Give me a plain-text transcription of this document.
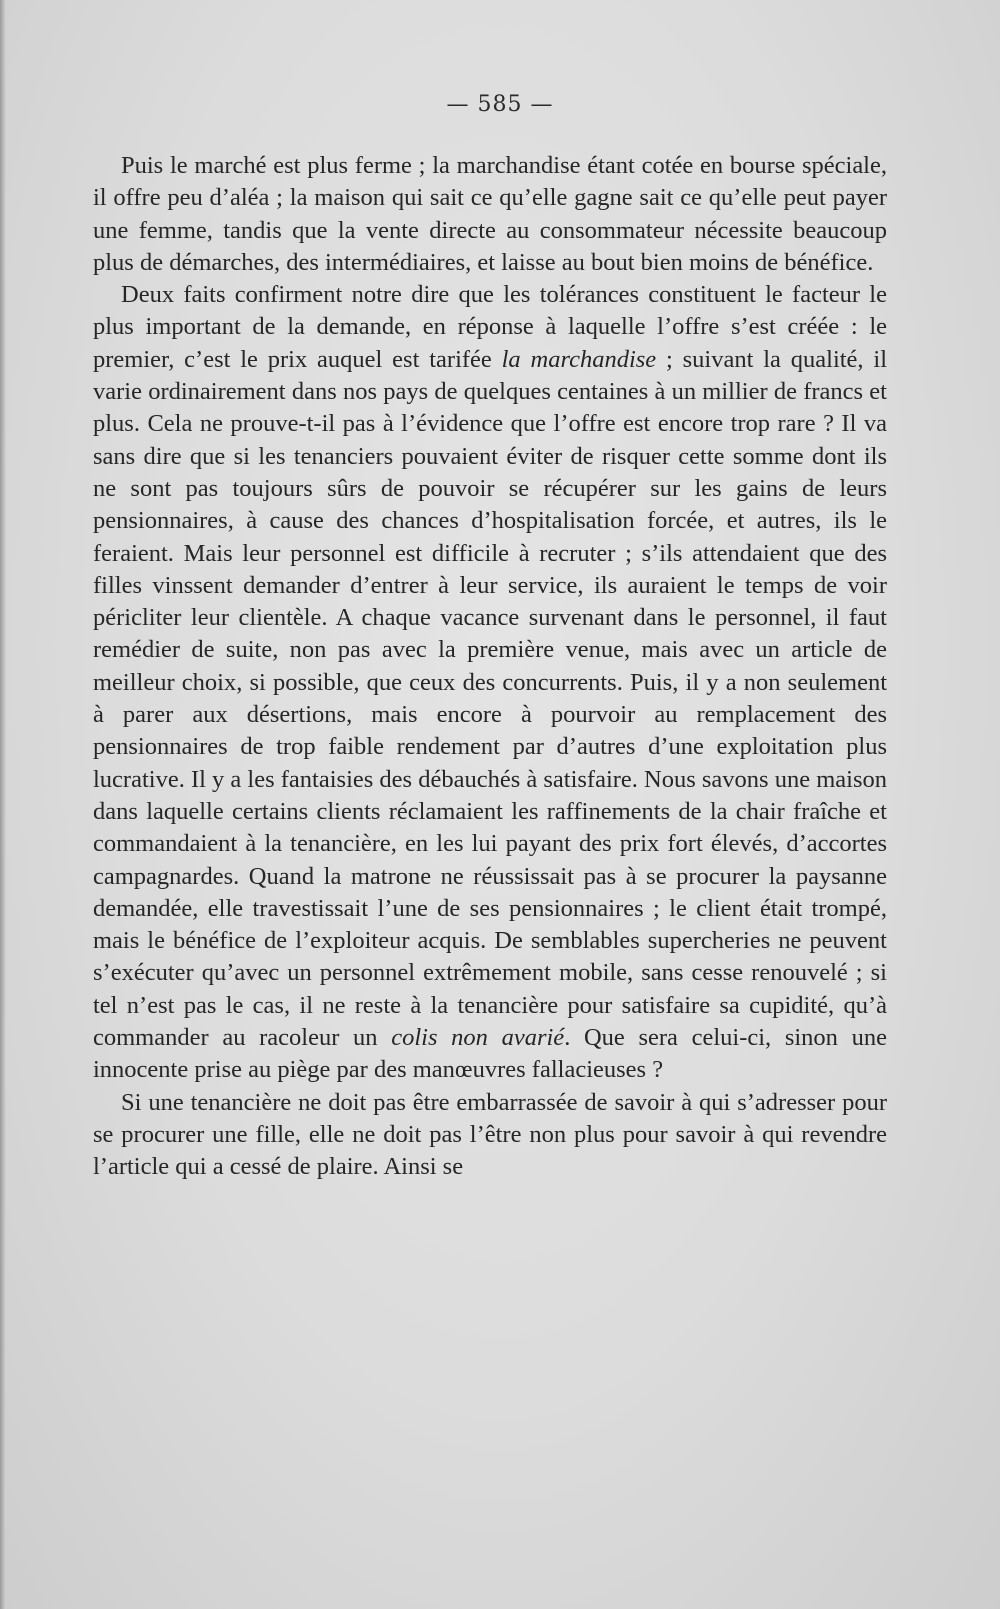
— 585 —

Puis le marché est plus ferme ; la marchandise étant cotée en bourse spéciale, il offre peu d’aléa ; la maison qui sait ce qu’elle gagne sait ce qu’elle peut payer une femme, tandis que la vente directe au consommateur nécessite beaucoup plus de démarches, des intermédiaires, et laisse au bout bien moins de bénéfice.

Deux faits confirment notre dire que les tolérances constituent le facteur le plus important de la demande, en réponse à laquelle l’offre s’est créée : le premier, c’est le prix auquel est tarifée la marchandise ; suivant la qualité, il varie ordinairement dans nos pays de quelques centaines à un millier de francs et plus. Cela ne prouve-t-il pas à l’évidence que l’offre est encore trop rare ? Il va sans dire que si les tenanciers pouvaient éviter de risquer cette somme dont ils ne sont pas toujours sûrs de pouvoir se récupérer sur les gains de leurs pensionnaires, à cause des chances d’hospitalisation forcée, et autres, ils le feraient. Mais leur personnel est difficile à recruter ; s’ils attendaient que des filles vinssent demander d’entrer à leur service, ils auraient le temps de voir péricliter leur clientèle. A chaque vacance survenant dans le personnel, il faut remédier de suite, non pas avec la première venue, mais avec un article de meilleur choix, si possible, que ceux des concurrents. Puis, il y a non seulement à parer aux désertions, mais encore à pourvoir au remplacement des pensionnaires de trop faible rendement par d’autres d’une exploitation plus lucrative. Il y a les fantaisies des débauchés à satisfaire. Nous savons une maison dans laquelle certains clients réclamaient les raffinements de la chair fraîche et commandaient à la tenancière, en les lui payant des prix fort élevés, d’accortes campagnardes. Quand la matrone ne réussissait pas à se procurer la paysanne demandée, elle travestissait l’une de ses pensionnaires ; le client était trompé, mais le bénéfice de l’exploiteur acquis. De semblables supercheries ne peuvent s’exécuter qu’avec un personnel extrêmement mobile, sans cesse renouvelé ; si tel n’est pas le cas, il ne reste à la tenancière pour satisfaire sa cupidité, qu’à commander au racoleur un colis non avarié. Que sera celui-ci, sinon une innocente prise au piège par des manœuvres fallacieuses ?

Si une tenancière ne doit pas être embarrassée de savoir à qui s’adresser pour se procurer une fille, elle ne doit pas l’être non plus pour savoir à qui revendre l’article qui a cessé de plaire. Ainsi se
